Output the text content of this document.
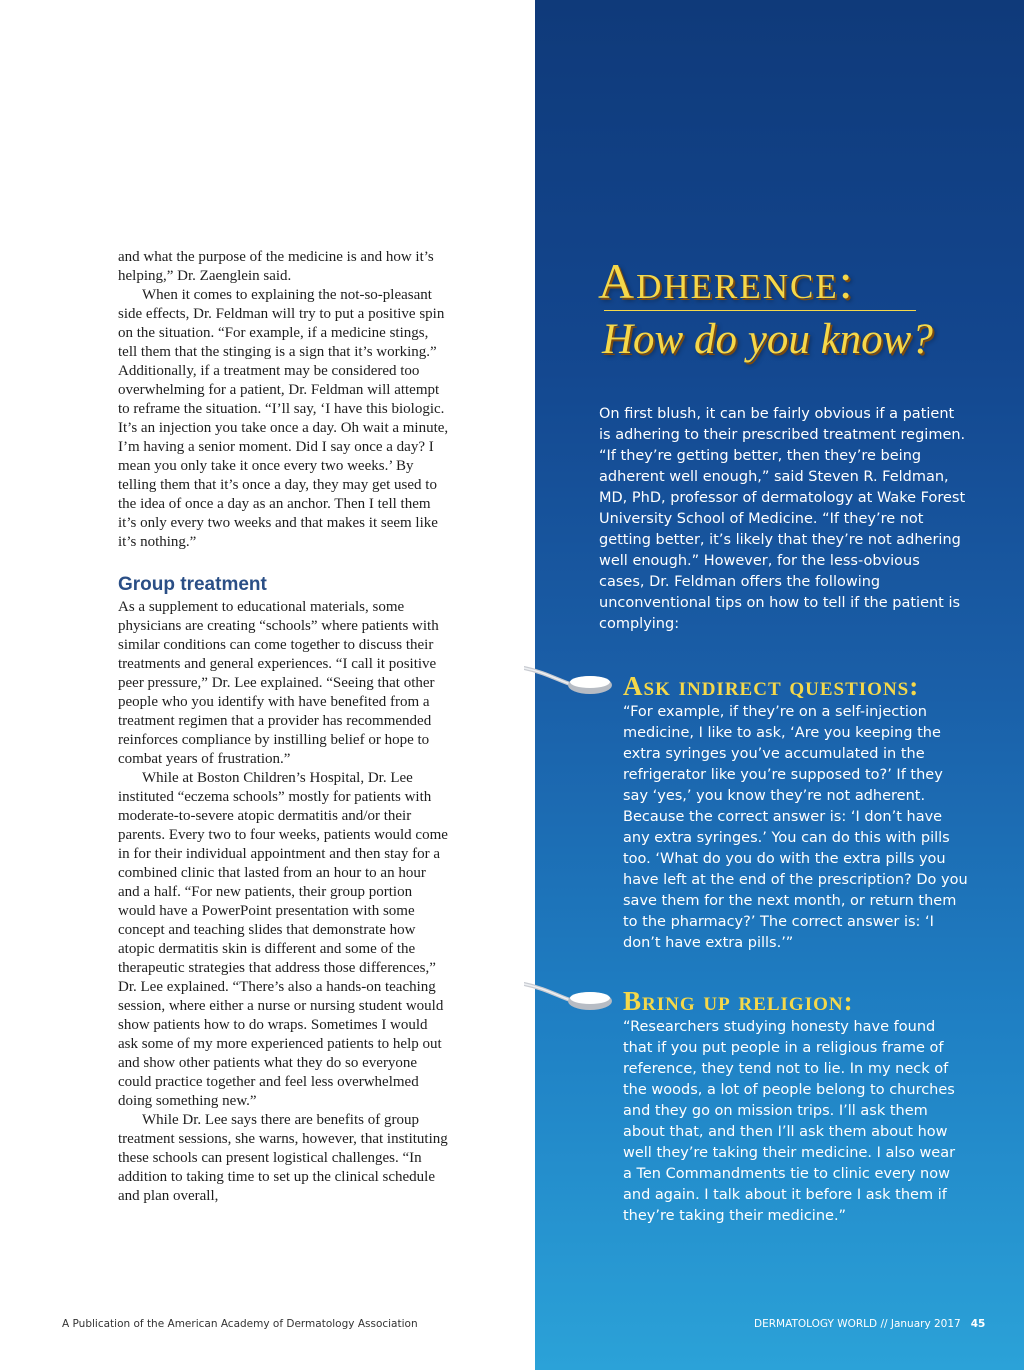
and what the purpose of the medicine is and how it’s helping,” Dr. Zaenglein said.

When it comes to explaining the not-so-pleasant side effects, Dr. Feldman will try to put a positive spin on the situation. “For example, if a medicine stings, tell them that the stinging is a sign that it’s working.” Additionally, if a treatment may be considered too overwhelming for a patient, Dr. Feldman will attempt to reframe the situation. “I’ll say, ‘I have this biologic. It’s an injection you take once a day. Oh wait a minute, I’m having a senior moment. Did I say once a day? I mean you only take it once every two weeks.’ By telling them that it’s once a day, they may get used to the idea of once a day as an anchor. Then I tell them it’s only every two weeks and that makes it seem like it’s nothing.”

Group treatment

As a supplement to educational materials, some physicians are creating “schools” where patients with similar conditions can come together to discuss their treatments and general experiences. “I call it positive peer pressure,” Dr. Lee explained. “Seeing that other people who you identify with have benefited from a treatment regimen that a provider has recommended reinforces compliance by instilling belief or hope to combat years of frustration.”

While at Boston Children’s Hospital, Dr. Lee instituted “eczema schools” mostly for patients with moderate-to-severe atopic dermatitis and/or their parents. Every two to four weeks, patients would come in for their individual appointment and then stay for a combined clinic that lasted from an hour to an hour and a half. “For new patients, their group portion would have a PowerPoint presentation with some concept and teaching slides that demonstrate how atopic dermatitis skin is different and some of the therapeutic strategies that address those differences,” Dr. Lee explained. “There’s also a hands-on teaching session, where either a nurse or nursing student would show patients how to do wraps. Sometimes I would ask some of my more experienced patients to help out and show other patients what they do so everyone could practice together and feel less overwhelmed doing something new.”

While Dr. Lee says there are benefits of group treatment sessions, she warns, however, that instituting these schools can present logistical challenges. “In addition to taking time to set up the clinical schedule and plan overall,

Adherence:
How do you know?

On first blush, it can be fairly obvious if a patient is adhering to their prescribed treatment regimen. “If they’re getting better, then they’re being adherent well enough,” said Steven R. Feldman, MD, PhD, professor of dermatology at Wake Forest University School of Medicine. “If they’re not getting better, it’s likely that they’re not adhering well enough.” However, for the less-obvious cases, Dr. Feldman offers the following unconventional tips on how to tell if the patient is complying:

Ask indirect questions:

“For example, if they’re on a self-injection medicine, I like to ask, ‘Are you keeping the extra syringes you’ve accumulated in the refrigerator like you’re supposed to?’ If they say ‘yes,’ you know they’re not adherent. Because the correct answer is: ‘I don’t have any extra syringes.’ You can do this with pills too. ‘What do you do with the extra pills you have left at the end of the prescription? Do you save them for the next month, or return them to the pharmacy?’ The correct answer is: ‘I don’t have extra pills.’”

Bring up religion:

“Researchers studying honesty have found that if you put people in a religious frame of reference, they tend not to lie. In my neck of the woods, a lot of people belong to churches and they go on mission trips. I’ll ask them about that, and then I’ll ask them about how well they’re taking their medicine. I also wear a Ten Commandments tie to clinic every now and again. I talk about it before I ask them if they’re taking their medicine.”

A Publication of the American Academy of Dermatology Association	DERMATOLOGY WORLD // January 2017 45
